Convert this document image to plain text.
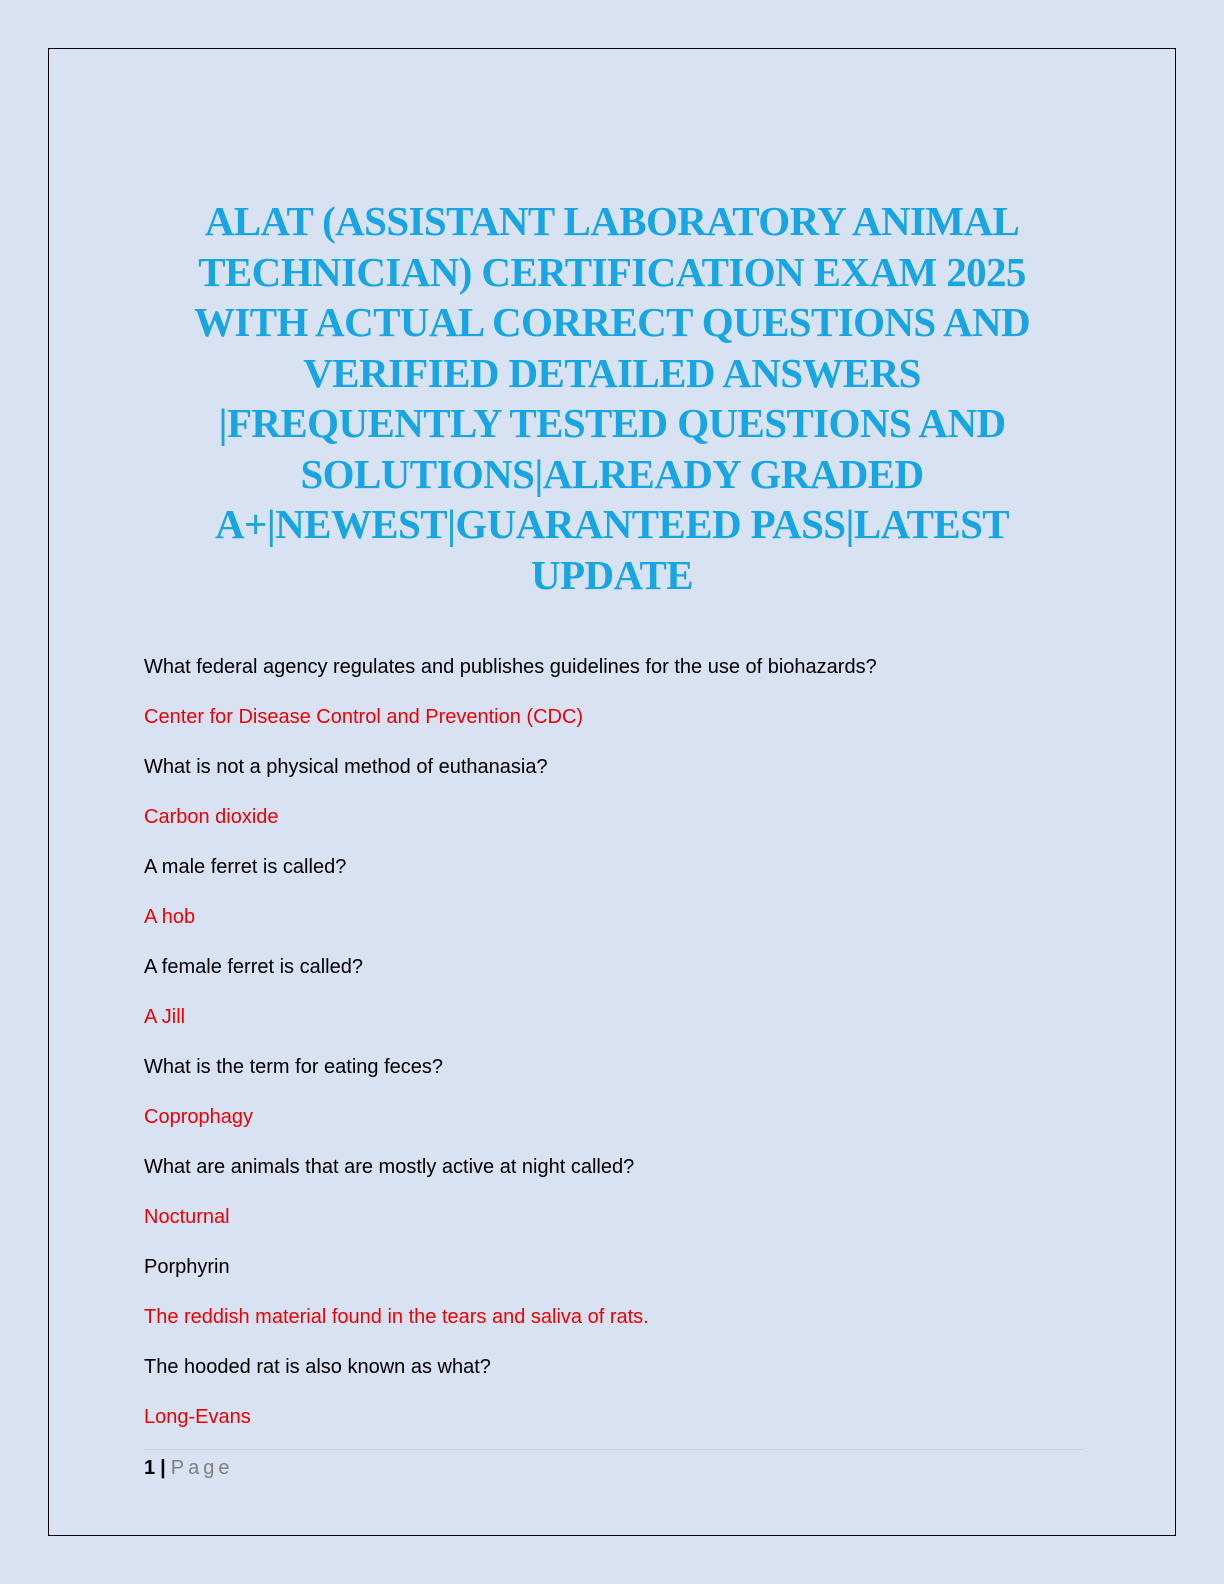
ALAT (ASSISTANT LABORATORY ANIMAL
TECHNICIAN) CERTIFICATION EXAM 2025
WITH ACTUAL CORRECT QUESTIONS AND
VERIFIED DETAILED ANSWERS
|FREQUENTLY TESTED QUESTIONS AND
SOLUTIONS|ALREADY GRADED
A+|NEWEST|GUARANTEED PASS|LATEST
UPDATE
What federal agency regulates and publishes guidelines for the use of biohazards?
Center for Disease Control and Prevention (CDC)
What is not a physical method of euthanasia?
Carbon dioxide
A male ferret is called?
A hob
A female ferret is called?
A Jill
What is the term for eating feces?
Coprophagy
What are animals that are mostly active at night called?
Nocturnal
Porphyrin
The reddish material found in the tears and saliva of rats.
The hooded rat is also known as what?
Long-Evans
1 | Page
